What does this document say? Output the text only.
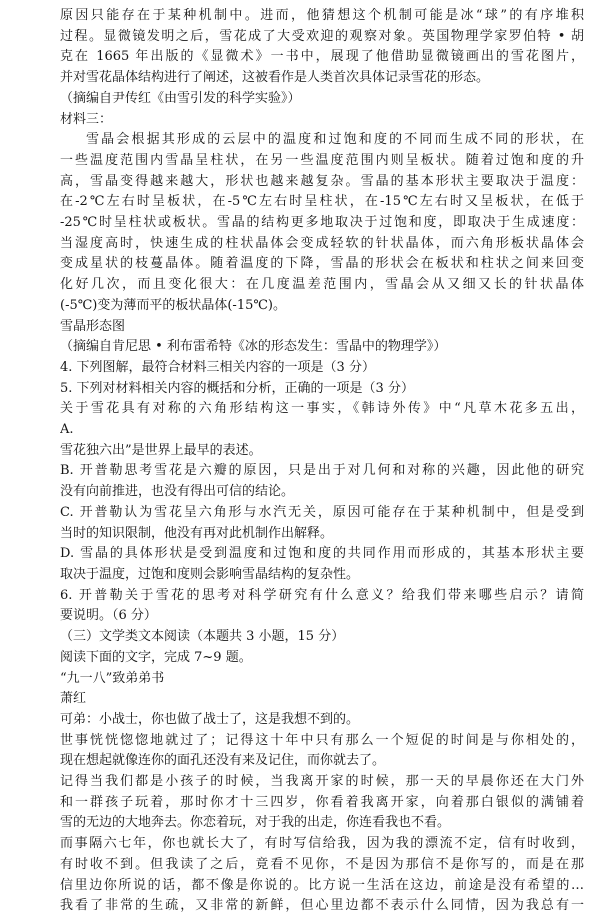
原因只能存在于某种机制中。进而，他猜想这个机制可能是冰“球”的有序堆积
过程。显微镜发明之后，雪花成了大受欢迎的观察对象。英国物理学家罗伯特 • 胡
克在 1665 年出版的《显微术》一书中，展现了他借助显微镜画出的雪花图片，
并对雪花晶体结构进行了阐述，这被看作是人类首次具体记录雪花的形态。
（摘编自尹传红《由雪引发的科学实验》）
材料三：
雪晶会根据其形成的云层中的温度和过饱和度的不同而生成不同的形状，在
一些温度范围内雪晶呈柱状，在另一些温度范围内则呈板状。随着过饱和度的升
高，雪晶变得越来越大，形状也越来越复杂。雪晶的基本形状主要取决于温度：
在-2℃左右时呈板状，在-5℃左右时呈柱状，在-15℃左右时又呈板状，在低于
-25℃时呈柱状或板状。雪晶的结构更多地取决于过饱和度，即取决于生成速度：
当湿度高时，快速生成的柱状晶体会变成轻软的针状晶体，而六角形板状晶体会
变成星状的枝蔓晶体。随着温度的下降，雪晶的形状会在板状和柱状之间来回变
化好几次，而且变化很大：在几度温差范围内，雪晶会从又细又长的针状晶体
(-5℃)变为薄而平的板状晶体(-15℃)。
雪晶形态图
（摘编自肯尼思 • 利布雷希特《冰的形态发生：雪晶中的物理学》）
4. 下列图解，最符合材料三相关内容的一项是（3 分）
5. 下列对材料相关内容的概括和分析，正确的一项是（3 分）
关于雪花具有对称的六角形结构这一事实，《韩诗外传》中“凡草木花多五出，
A.
雪花独六出”是世界上最早的表述。
B. 开普勒思考雪花是六瓣的原因，只是出于对几何和对称的兴趣，因此他的研究
没有向前推进，也没有得出可信的结论。
C. 开普勒认为雪花呈六角形与水汽无关，原因可能存在于某种机制中，但是受到
当时的知识限制，他没有再对此机制作出解释。
D. 雪晶的具体形状是受到温度和过饱和度的共同作用而形成的，其基本形状主要
取决于温度，过饱和度则会影响雪晶结构的复杂性。
6. 开普勒关于雪花的思考对科学研究有什么意义？给我们带来哪些启示？请简
要说明。（6 分）
（三）文学类文本阅读（本题共 3 小题，15 分）
阅读下面的文字，完成 7~9 题。
“九一八”致弟弟书
萧红
可弟：小战士，你也做了战士了，这是我想不到的。
世事恍恍惚惚地就过了；记得这十年中只有那么一个短促的时间是与你相处的，
现在想起就像连你的面孔还没有来及记住，而你就去了。
记得当我们都是小孩子的时候，当我离开家的时候，那一天的早晨你还在大门外
和一群孩子玩着，那时你才十三四岁，你看着我离开家，向着那白银似的满铺着
雪的无边的大地奔去。你恋着玩，对于我的出走，你连看我也不看。
而事隔六七年，你也就长大了，有时写信给我，因为我的漂流不定，信有时收到，
有时收不到。但我读了之后，竟看不见你，不是因为那信不是你写的，而是在那
信里边你所说的话，都不像是你说的。比方说一生活在这边，前途是没有希望的…
我看了非常的生疏，又非常的新鲜，但心里边都不表示什么同情，因为我总有一
